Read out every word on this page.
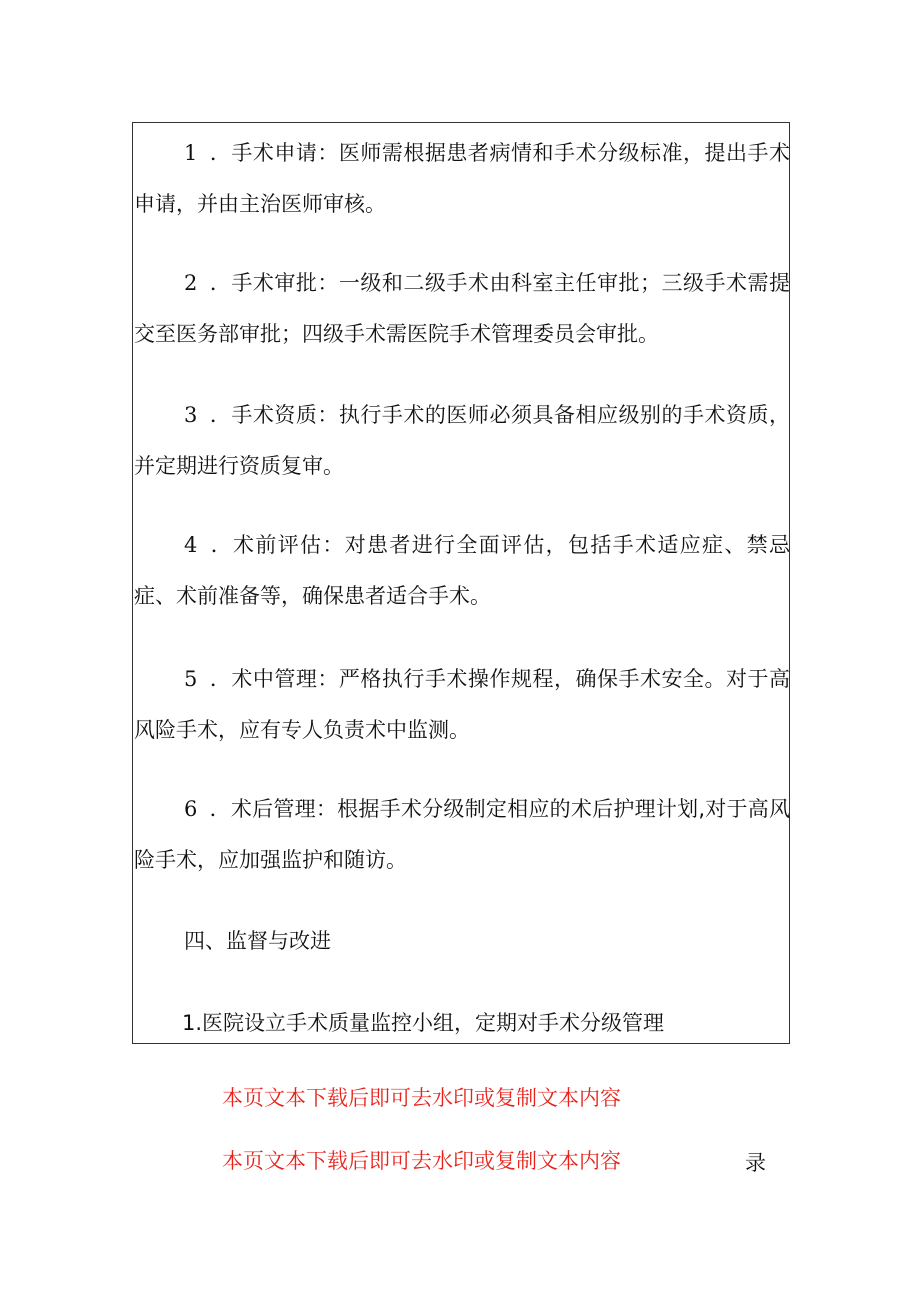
1 ．手术申请：医师需根据患者病情和手术分级标准，提出手术申请，并由主治医师审核。

2 ．手术审批：一级和二级手术由科室主任审批；三级手术需提交至医务部审批；四级手术需医院手术管理委员会审批。

3 ．手术资质：执行手术的医师必须具备相应级别的手术资质，并定期进行资质复审。

4 ．术前评估：对患者进行全面评估，包括手术适应症、禁忌症、术前准备等，确保患者适合手术。

5 ．术中管理：严格执行手术操作规程，确保手术安全。对于高风险手术，应有专人负责术中监测。

6 ．术后管理：根据手术分级制定相应的术后护理计划,对于高风险手术，应加强监护和随访。

四、监督与改进

1.医院设立手术质量监控小组，定期对手术分级管理

本页文本下载后即可去水印或复制文本内容

本页文本下载后即可去水印或复制文本内容	录
